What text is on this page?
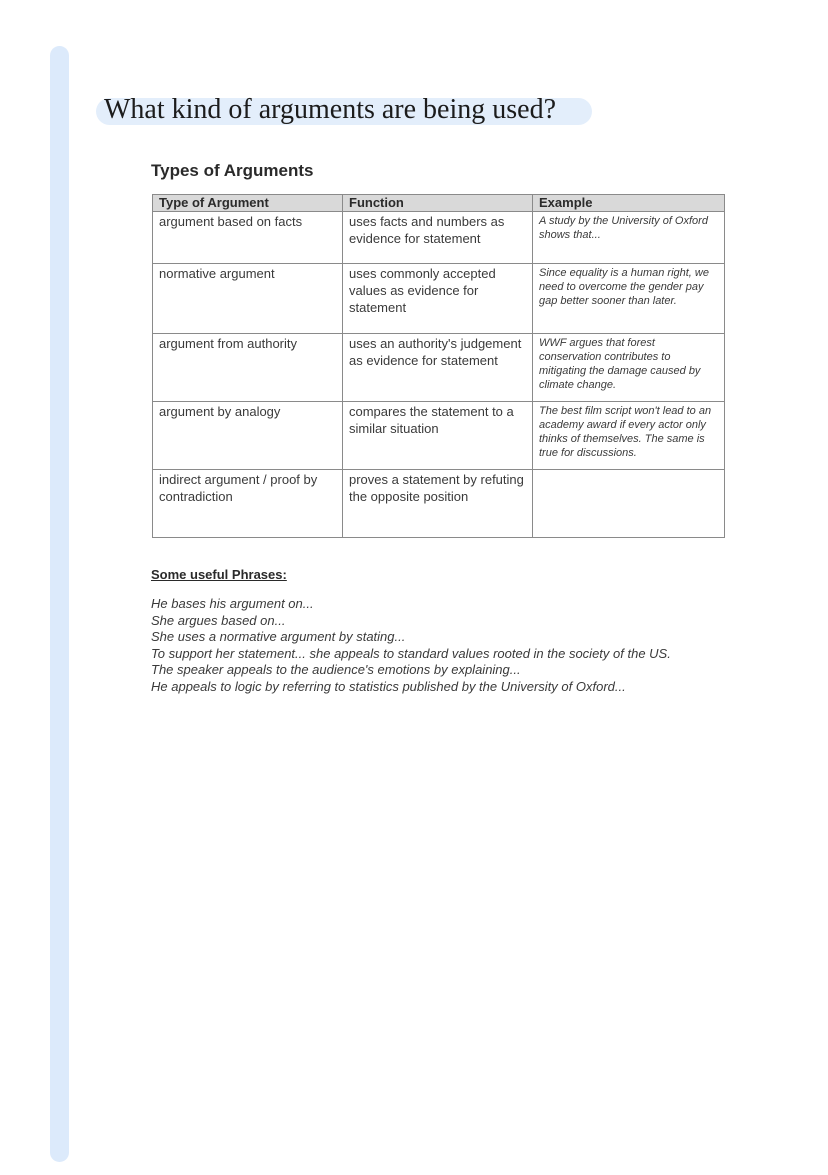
What kind of arguments are being used?
Types of Arguments
Type of Argument	Function	Example
argument based on facts	uses facts and numbers as evidence for statement	A study by the University of Oxford shows that...
normative argument	uses commonly accepted values as evidence for statement	Since equality is a human right, we need to overcome the gender pay gap better sooner than later.
argument from authority	uses an authority's judgement as evidence for statement	WWF argues that forest conservation contributes to mitigating the damage caused by climate change.
argument by analogy	compares the statement to a similar situation	The best film script won't lead to an academy award if every actor only thinks of themselves. The same is true for discussions.
indirect argument / proof by contradiction	proves a statement by refuting the opposite position	
Some useful Phrases:
He bases his argument on...
She argues based on...
She uses a normative argument by stating...
To support her statement... she appeals to standard values rooted in the society of the US.
The speaker appeals to the audience's emotions by explaining...
He appeals to logic by referring to statistics published by the University of Oxford...
